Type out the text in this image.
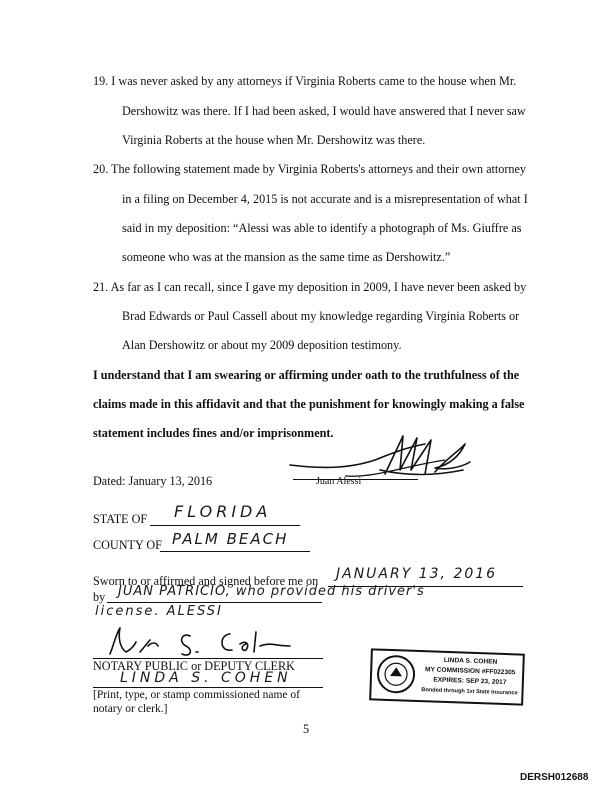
19. I was never asked by any attorneys if Virginia Roberts came to the house when Mr.
Dershowitz was there. If I had been asked, I would have answered that I never saw
Virginia Roberts at the house when Mr. Dershowitz was there.
20. The following statement made by Virginia Roberts's attorneys and their own attorney
in a filing on December 4, 2015 is not accurate and is a misrepresentation of what I
said in my deposition: “Alessi was able to identify a photograph of Ms. Giuffre as
someone who was at the mansion as the same time as Dershowitz.”
21. As far as I can recall, since I gave my deposition in 2009, I have never been asked by
Brad Edwards or Paul Cassell about my knowledge regarding Virginia Roberts or
Alan Dershowitz or about my 2009 deposition testimony.
I understand that I am swearing or affirming under oath to the truthfulness of the
claims made in this affidavit and that the punishment for knowingly making a false
statement includes fines and/or imprisonment.
Dated: January 13, 2016	Juan Alessi
STATE OF FLORIDA
COUNTY OF PALM BEACH
Sworn to or affirmed and signed before me on JANUARY 13, 2016
by JUAN PATRICIO, who provided his driver's
license. ALESSI
NOTARY PUBLIC or DEPUTY CLERK
LINDA S. COHEN
[Print, type, or stamp commissioned name of
notary or clerk.]
LINDA S. COHEN
MY COMMISSION #FF022305
EXPIRES: SEP 23, 2017
Bonded through 1st State Insurance
5
DERSH012688
